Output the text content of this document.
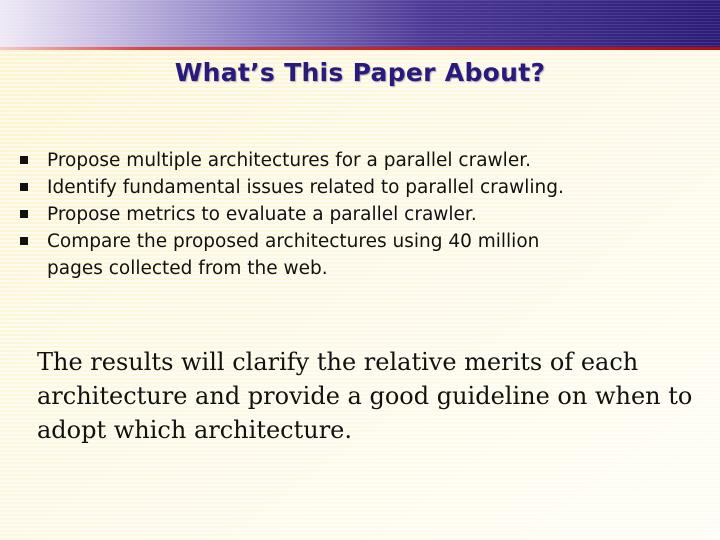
What’s This Paper About?
Propose multiple architectures for a parallel crawler.
Identify fundamental issues related to parallel crawling.
Propose metrics to evaluate a parallel crawler.
Compare the proposed architectures using 40 million
pages collected from the web.
The results will clarify the relative merits of each
architecture and provide a good guideline on when to
adopt which architecture.
